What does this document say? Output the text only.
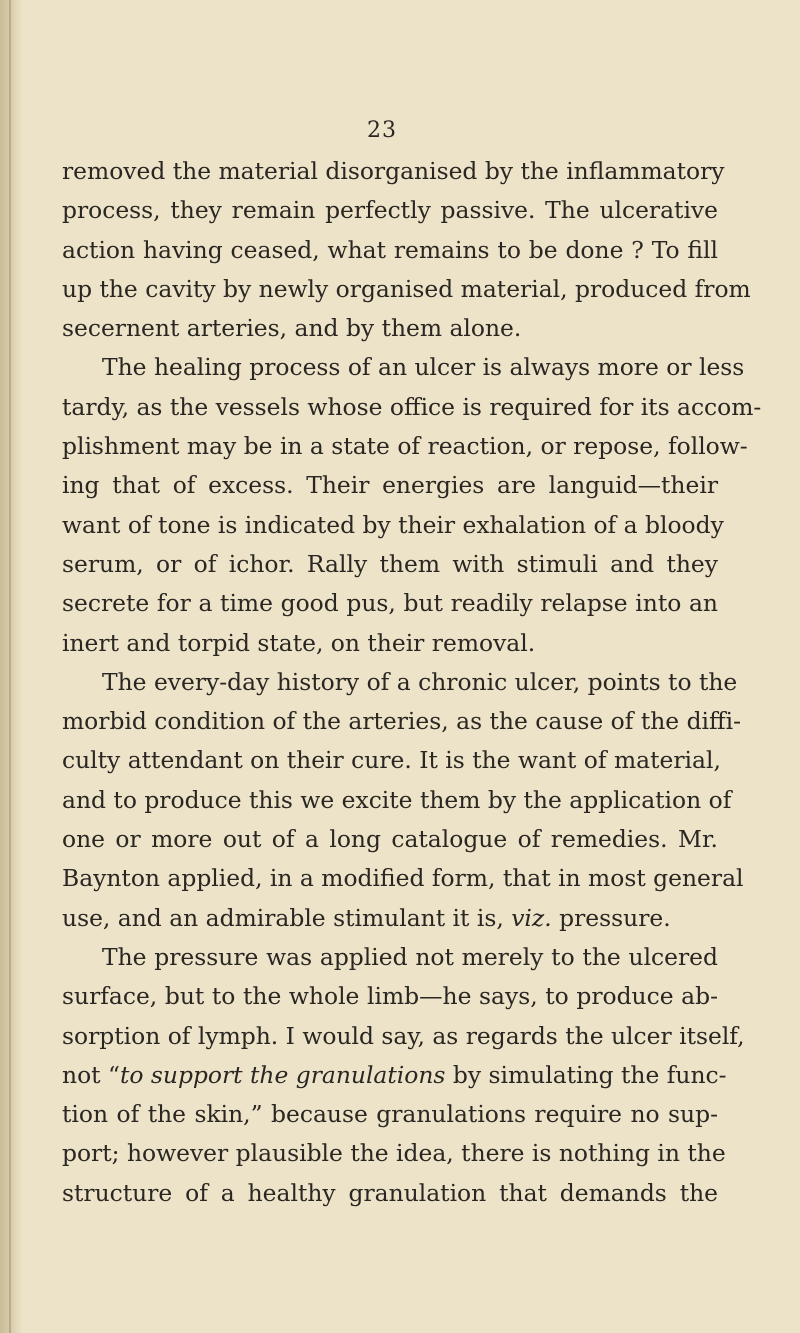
23
removed the material disorganised by the inflammatory
process, they remain perfectly passive. The ulcerative
action having ceased, what remains to be done ? To fill
up the cavity by newly organised material, produced from
secernent arteries, and by them alone.
The healing process of an ulcer is always more or less
tardy, as the vessels whose office is required for its accom-
plishment may be in a state of reaction, or repose, follow-
ing that of excess. Their energies are languid—their
want of tone is indicated by their exhalation of a bloody
serum, or of ichor. Rally them with stimuli and they
secrete for a time good pus, but readily relapse into an
inert and torpid state, on their removal.
The every-day history of a chronic ulcer, points to the
morbid condition of the arteries, as the cause of the diffi-
culty attendant on their cure. It is the want of material,
and to produce this we excite them by the application of
one or more out of a long catalogue of remedies. Mr.
Baynton applied, in a modified form, that in most general
use, and an admirable stimulant it is, viz. pressure.
The pressure was applied not merely to the ulcered
surface, but to the whole limb—he says, to produce ab-
sorption of lymph. I would say, as regards the ulcer itself,
not “to support the granulations by simulating the func-
tion of the skin,” because granulations require no sup-
port; however plausible the idea, there is nothing in the
structure of a healthy granulation that demands the
